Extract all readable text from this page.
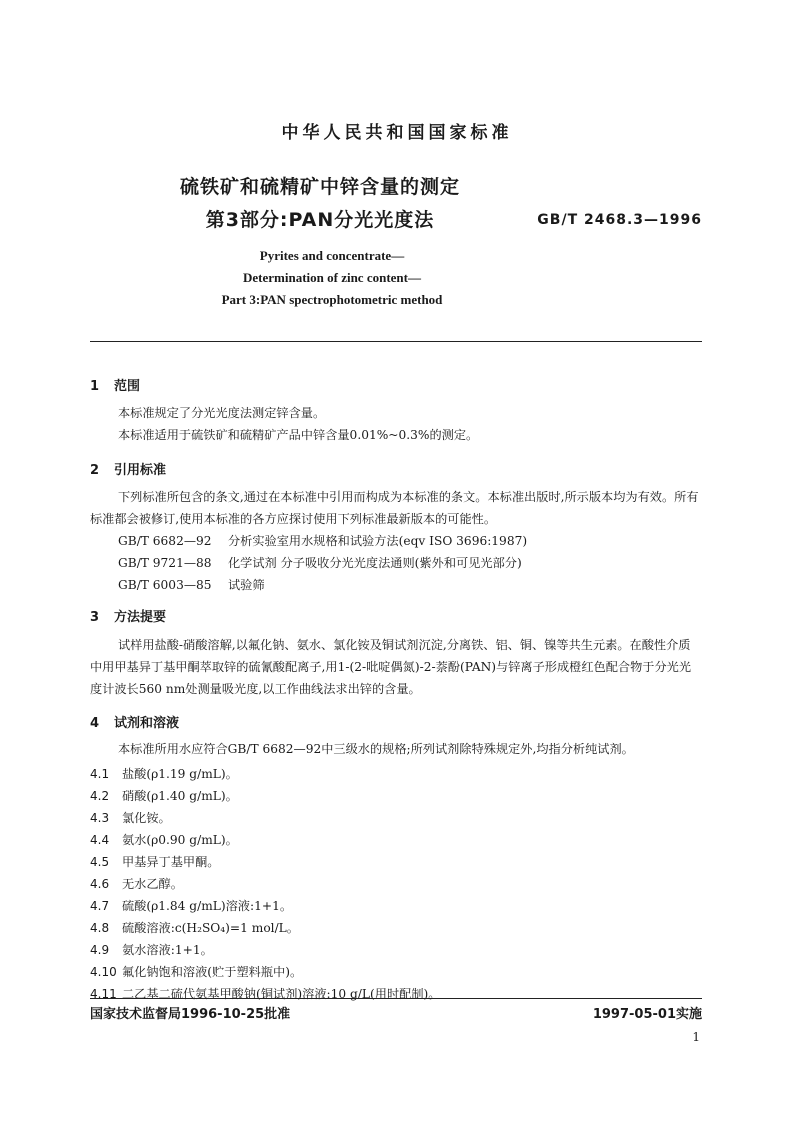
中华人民共和国国家标准
硫铁矿和硫精矿中锌含量的测定
第3部分:PAN分光光度法	GB/T 2468.3—1996
Pyrites and concentrate—
Determination of zinc content—
Part 3:PAN spectrophotometric method
1 范围
本标准规定了分光光度法测定锌含量。
本标准适用于硫铁矿和硫精矿产品中锌含量0.01%~0.3%的测定。
2 引用标准
下列标准所包含的条文,通过在本标准中引用而构成为本标准的条文。本标准出版时,所示版本均为有效。所有标准都会被修订,使用本标准的各方应探讨使用下列标准最新版本的可能性。
GB/T 6682—92 分析实验室用水规格和试验方法(eqv ISO 3696:1987)
GB/T 9721—88 化学试剂 分子吸收分光光度法通则(紫外和可见光部分)
GB/T 6003—85 试验筛
3 方法提要
试样用盐酸-硝酸溶解,以氟化钠、氨水、氯化铵及铜试剂沉淀,分离铁、铝、铜、镍等共生元素。在酸性介质中用甲基异丁基甲酮萃取锌的硫氰酸配离子,用1-(2-吡啶偶氮)-2-萘酚(PAN)与锌离子形成橙红色配合物于分光光度计波长560 nm处测量吸光度,以工作曲线法求出锌的含量。
4 试剂和溶液
本标准所用水应符合GB/T 6682—92中三级水的规格;所列试剂除特殊规定外,均指分析纯试剂。
4.1 盐酸(ρ1.19 g/mL)。
4.2 硝酸(ρ1.40 g/mL)。
4.3 氯化铵。
4.4 氨水(ρ0.90 g/mL)。
4.5 甲基异丁基甲酮。
4.6 无水乙醇。
4.7 硫酸(ρ1.84 g/mL)溶液:1+1。
4.8 硫酸溶液:c(H₂SO₄)=1 mol/L。
4.9 氨水溶液:1+1。
4.10 氟化钠饱和溶液(贮于塑料瓶中)。
4.11 二乙基二硫代氨基甲酸钠(铜试剂)溶液:10 g/L(用时配制)。
国家技术监督局1996-10-25批准	1997-05-01实施
1
